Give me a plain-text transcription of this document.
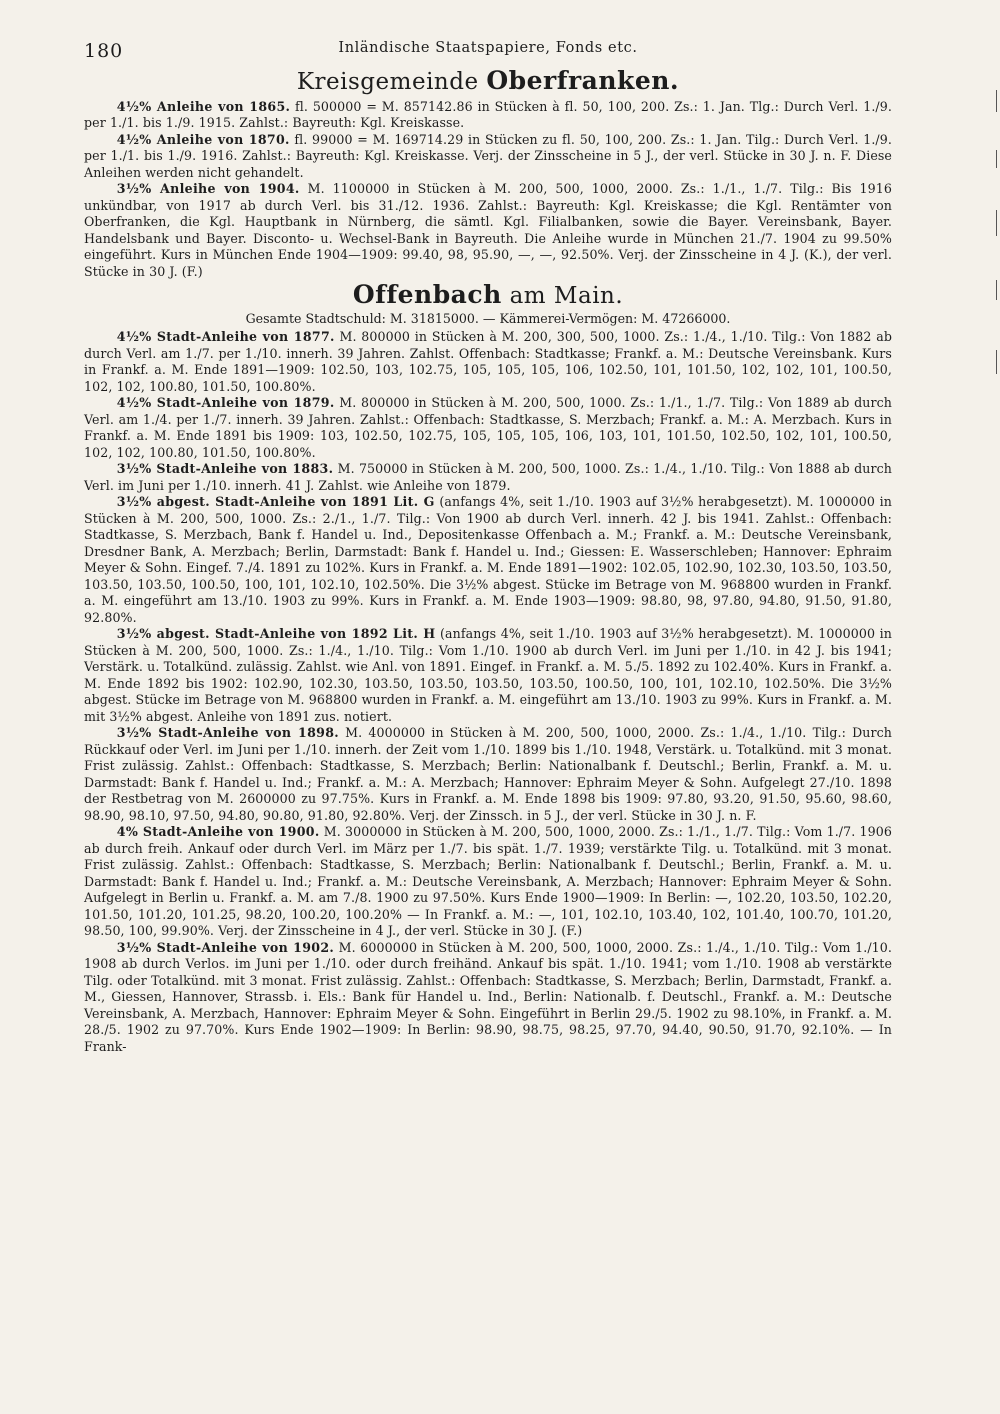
180	Inländische Staatspapiere, Fonds etc.
Kreisgemeinde Oberfranken.

4½% Anleihe von 1865. fl. 500000 = M. 857142.86 in Stücken à fl. 50, 100, 200. Zs.: 1. Jan. Tlg.: Durch Verl. 1./9. per 1./1. bis 1./9. 1915. Zahlst.: Bayreuth: Kgl. Kreiskasse.

4½% Anleihe von 1870. fl. 99000 = M. 169714.29 in Stücken zu fl. 50, 100, 200. Zs.: 1. Jan. Tilg.: Durch Verl. 1./9. per 1./1. bis 1./9. 1916. Zahlst.: Bayreuth: Kgl. Kreiskasse. Verj. der Zinsscheine in 5 J., der verl. Stücke in 30 J. n. F. Diese Anleihen werden nicht gehandelt.

3½% Anleihe von 1904. M. 1100000 in Stücken à M. 200, 500, 1000, 2000. Zs.: 1./1., 1./7. Tilg.: Bis 1916 unkündbar, von 1917 ab durch Verl. bis 31./12. 1936. Zahlst.: Bayreuth: Kgl. Kreiskasse; die Kgl. Rentämter von Oberfranken, die Kgl. Hauptbank in Nürnberg, die sämtl. Kgl. Filialbanken, sowie die Bayer. Vereinsbank, Bayer. Handelsbank und Bayer. Disconto- u. Wechsel-Bank in Bayreuth. Die Anleihe wurde in München 21./7. 1904 zu 99.50% eingeführt. Kurs in München Ende 1904—1909: 99.40, 98, 95.90, —, —, 92.50%. Verj. der Zinsscheine in 4 J. (K.), der verl. Stücke in 30 J. (F.)

Offenbach am Main.

Gesamte Stadtschuld: M. 31815000. — Kämmerei-Vermögen: M. 47266000.

4½% Stadt-Anleihe von 1877. M. 800000 in Stücken à M. 200, 300, 500, 1000. Zs.: 1./4., 1./10. Tilg.: Von 1882 ab durch Verl. am 1./7. per 1./10. innerh. 39 Jahren. Zahlst. Offenbach: Stadtkasse; Frankf. a. M.: Deutsche Vereinsbank. Kurs in Frankf. a. M. Ende 1891—1909: 102.50, 103, 102.75, 105, 105, 105, 106, 102.50, 101, 101.50, 102, 102, 101, 100.50, 102, 102, 100.80, 101.50, 100.80%.

4½% Stadt-Anleihe von 1879. M. 800000 in Stücken à M. 200, 500, 1000. Zs.: 1./1., 1./7. Tilg.: Von 1889 ab durch Verl. am 1./4. per 1./7. innerh. 39 Jahren. Zahlst.: Offenbach: Stadtkasse, S. Merzbach; Frankf. a. M.: A. Merzbach. Kurs in Frankf. a. M. Ende 1891 bis 1909: 103, 102.50, 102.75, 105, 105, 105, 106, 103, 101, 101.50, 102.50, 102, 101, 100.50, 102, 102, 100.80, 101.50, 100.80%.

3½% Stadt-Anleihe von 1883. M. 750000 in Stücken à M. 200, 500, 1000. Zs.: 1./4., 1./10. Tilg.: Von 1888 ab durch Verl. im Juni per 1./10. innerh. 41 J. Zahlst. wie Anleihe von 1879.

3½% abgest. Stadt-Anleihe von 1891 Lit. G (anfangs 4%, seit 1./10. 1903 auf 3½% herabgesetzt). M. 1000000 in Stücken à M. 200, 500, 1000. Zs.: 2./1., 1./7. Tilg.: Von 1900 ab durch Verl. innerh. 42 J. bis 1941. Zahlst.: Offenbach: Stadtkasse, S. Merzbach, Bank f. Handel u. Ind., Depositenkasse Offenbach a. M.; Frankf. a. M.: Deutsche Vereinsbank, Dresdner Bank, A. Merzbach; Berlin, Darmstadt: Bank f. Handel u. Ind.; Giessen: E. Wasserschleben; Hannover: Ephraim Meyer & Sohn. Eingef. 7./4. 1891 zu 102%. Kurs in Frankf. a. M. Ende 1891—1902: 102.05, 102.90, 102.30, 103.50, 103.50, 103.50, 103.50, 100.50, 100, 101, 102.10, 102.50%. Die 3½% abgest. Stücke im Betrage von M. 968800 wurden in Frankf. a. M. eingeführt am 13./10. 1903 zu 99%. Kurs in Frankf. a. M. Ende 1903—1909: 98.80, 98, 97.80, 94.80, 91.50, 91.80, 92.80%.

3½% abgest. Stadt-Anleihe von 1892 Lit. H (anfangs 4%, seit 1./10. 1903 auf 3½% herabgesetzt). M. 1000000 in Stücken à M. 200, 500, 1000. Zs.: 1./4., 1./10. Tilg.: Vom 1./10. 1900 ab durch Verl. im Juni per 1./10. in 42 J. bis 1941; Verstärk. u. Totalkünd. zulässig. Zahlst. wie Anl. von 1891. Eingef. in Frankf. a. M. 5./5. 1892 zu 102.40%. Kurs in Frankf. a. M. Ende 1892 bis 1902: 102.90, 102.30, 103.50, 103.50, 103.50, 103.50, 100.50, 100, 101, 102.10, 102.50%. Die 3½% abgest. Stücke im Betrage von M. 968800 wurden in Frankf. a. M. eingeführt am 13./10. 1903 zu 99%. Kurs in Frankf. a. M. mit 3½% abgest. Anleihe von 1891 zus. notiert.

3½% Stadt-Anleihe von 1898. M. 4000000 in Stücken à M. 200, 500, 1000, 2000. Zs.: 1./4., 1./10. Tilg.: Durch Rückkauf oder Verl. im Juni per 1./10. innerh. der Zeit vom 1./10. 1899 bis 1./10. 1948, Verstärk. u. Totalkünd. mit 3 monat. Frist zulässig. Zahlst.: Offenbach: Stadtkasse, S. Merzbach; Berlin: Nationalbank f. Deutschl.; Berlin, Frankf. a. M. u. Darmstadt: Bank f. Handel u. Ind.; Frankf. a. M.: A. Merzbach; Hannover: Ephraim Meyer & Sohn. Aufgelegt 27./10. 1898 der Restbetrag von M. 2600000 zu 97.75%. Kurs in Frankf. a. M. Ende 1898 bis 1909: 97.80, 93.20, 91.50, 95.60, 98.60, 98.90, 98.10, 97.50, 94.80, 90.80, 91.80, 92.80%. Verj. der Zinssch. in 5 J., der verl. Stücke in 30 J. n. F.

4% Stadt-Anleihe von 1900. M. 3000000 in Stücken à M. 200, 500, 1000, 2000. Zs.: 1./1., 1./7. Tilg.: Vom 1./7. 1906 ab durch freih. Ankauf oder durch Verl. im März per 1./7. bis spät. 1./7. 1939; verstärkte Tilg. u. Totalkünd. mit 3 monat. Frist zulässig. Zahlst.: Offenbach: Stadtkasse, S. Merzbach; Berlin: Nationalbank f. Deutschl.; Berlin, Frankf. a. M. u. Darmstadt: Bank f. Handel u. Ind.; Frankf. a. M.: Deutsche Vereinsbank, A. Merzbach; Hannover: Ephraim Meyer & Sohn. Aufgelegt in Berlin u. Frankf. a. M. am 7./8. 1900 zu 97.50%. Kurs Ende 1900—1909: In Berlin: —, 102.20, 103.50, 102.20, 101.50, 101.20, 101.25, 98.20, 100.20, 100.20% — In Frankf. a. M.: —, 101, 102.10, 103.40, 102, 101.40, 100.70, 101.20, 98.50, 100, 99.90%. Verj. der Zinsscheine in 4 J., der verl. Stücke in 30 J. (F.)

3½% Stadt-Anleihe von 1902. M. 6000000 in Stücken à M. 200, 500, 1000, 2000. Zs.: 1./4., 1./10. Tilg.: Vom 1./10. 1908 ab durch Verlos. im Juni per 1./10. oder durch freihänd. Ankauf bis spät. 1./10. 1941; vom 1./10. 1908 ab verstärkte Tilg. oder Totalkünd. mit 3 monat. Frist zulässig. Zahlst.: Offenbach: Stadtkasse, S. Merzbach; Berlin, Darmstadt, Frankf. a. M., Giessen, Hannover, Strassb. i. Els.: Bank für Handel u. Ind., Berlin: Nationalb. f. Deutschl., Frankf. a. M.: Deutsche Vereinsbank, A. Merzbach, Hannover: Ephraim Meyer & Sohn. Eingeführt in Berlin 29./5. 1902 zu 98.10%, in Frankf. a. M. 28./5. 1902 zu 97.70%. Kurs Ende 1902—1909: In Berlin: 98.90, 98.75, 98.25, 97.70, 94.40, 90.50, 91.70, 92.10%. — In Frank-
